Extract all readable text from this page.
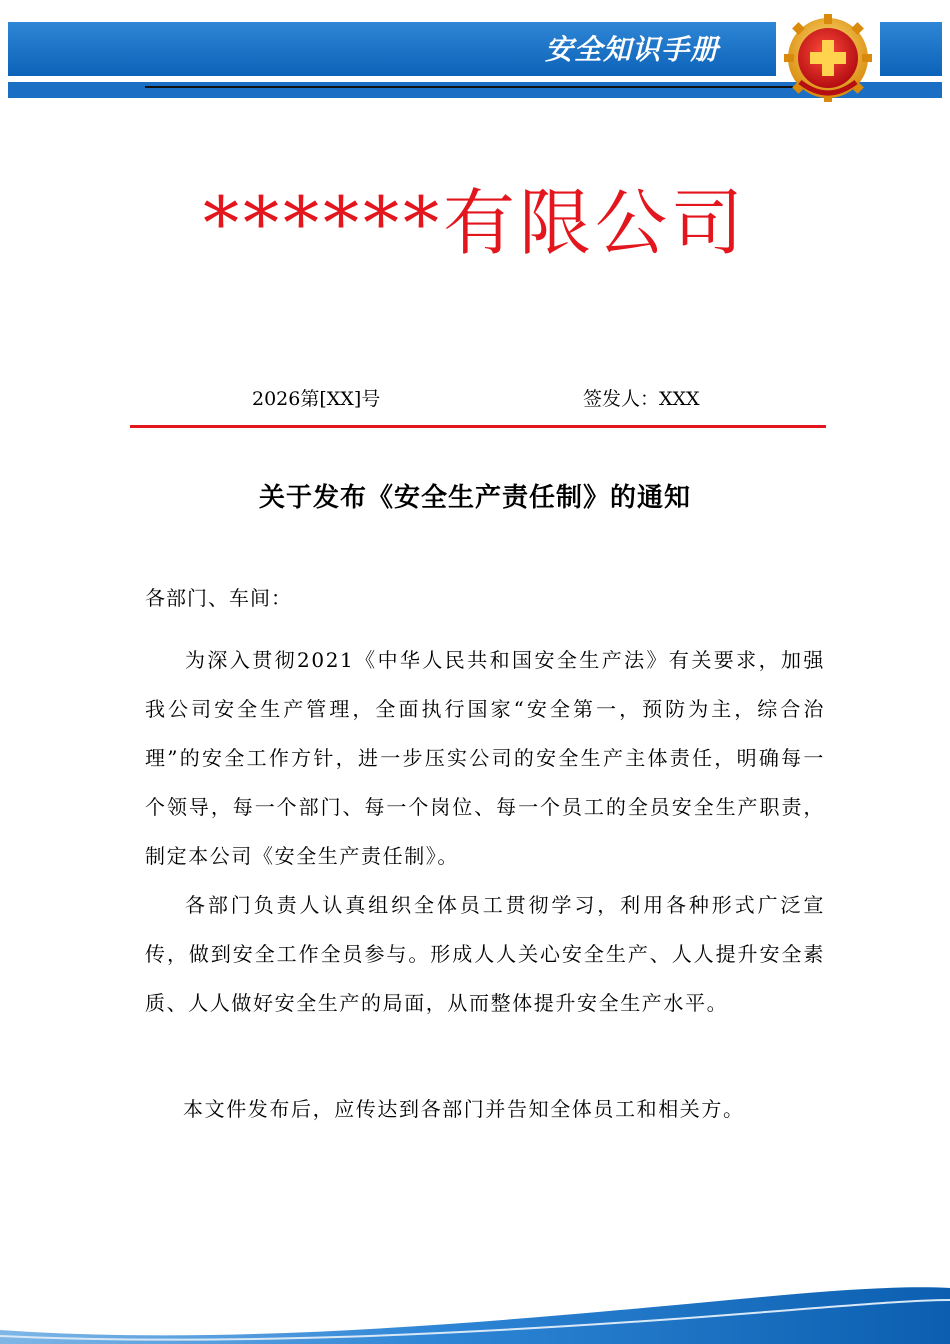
安全知识手册
******有限公司
2026第[XX]号	签发人：XXX
关于发布《安全生产责任制》的通知

各部门、车间：

为深入贯彻2021《中华人民共和国安全生产法》有关要求，加强我公司安全生产管理，全面执行国家“安全第一，预防为主，综合治理”的安全工作方针，进一步压实公司的安全生产主体责任，明确每一个领导，每一个部门、每一个岗位、每一个员工的全员安全生产职责，制定本公司《安全生产责任制》。

各部门负责人认真组织全体员工贯彻学习，利用各种形式广泛宣传，做到安全工作全员参与。形成人人关心安全生产、人人提升安全素质、人人做好安全生产的局面，从而整体提升安全生产水平。

本文件发布后，应传达到各部门并告知全体员工和相关方。
